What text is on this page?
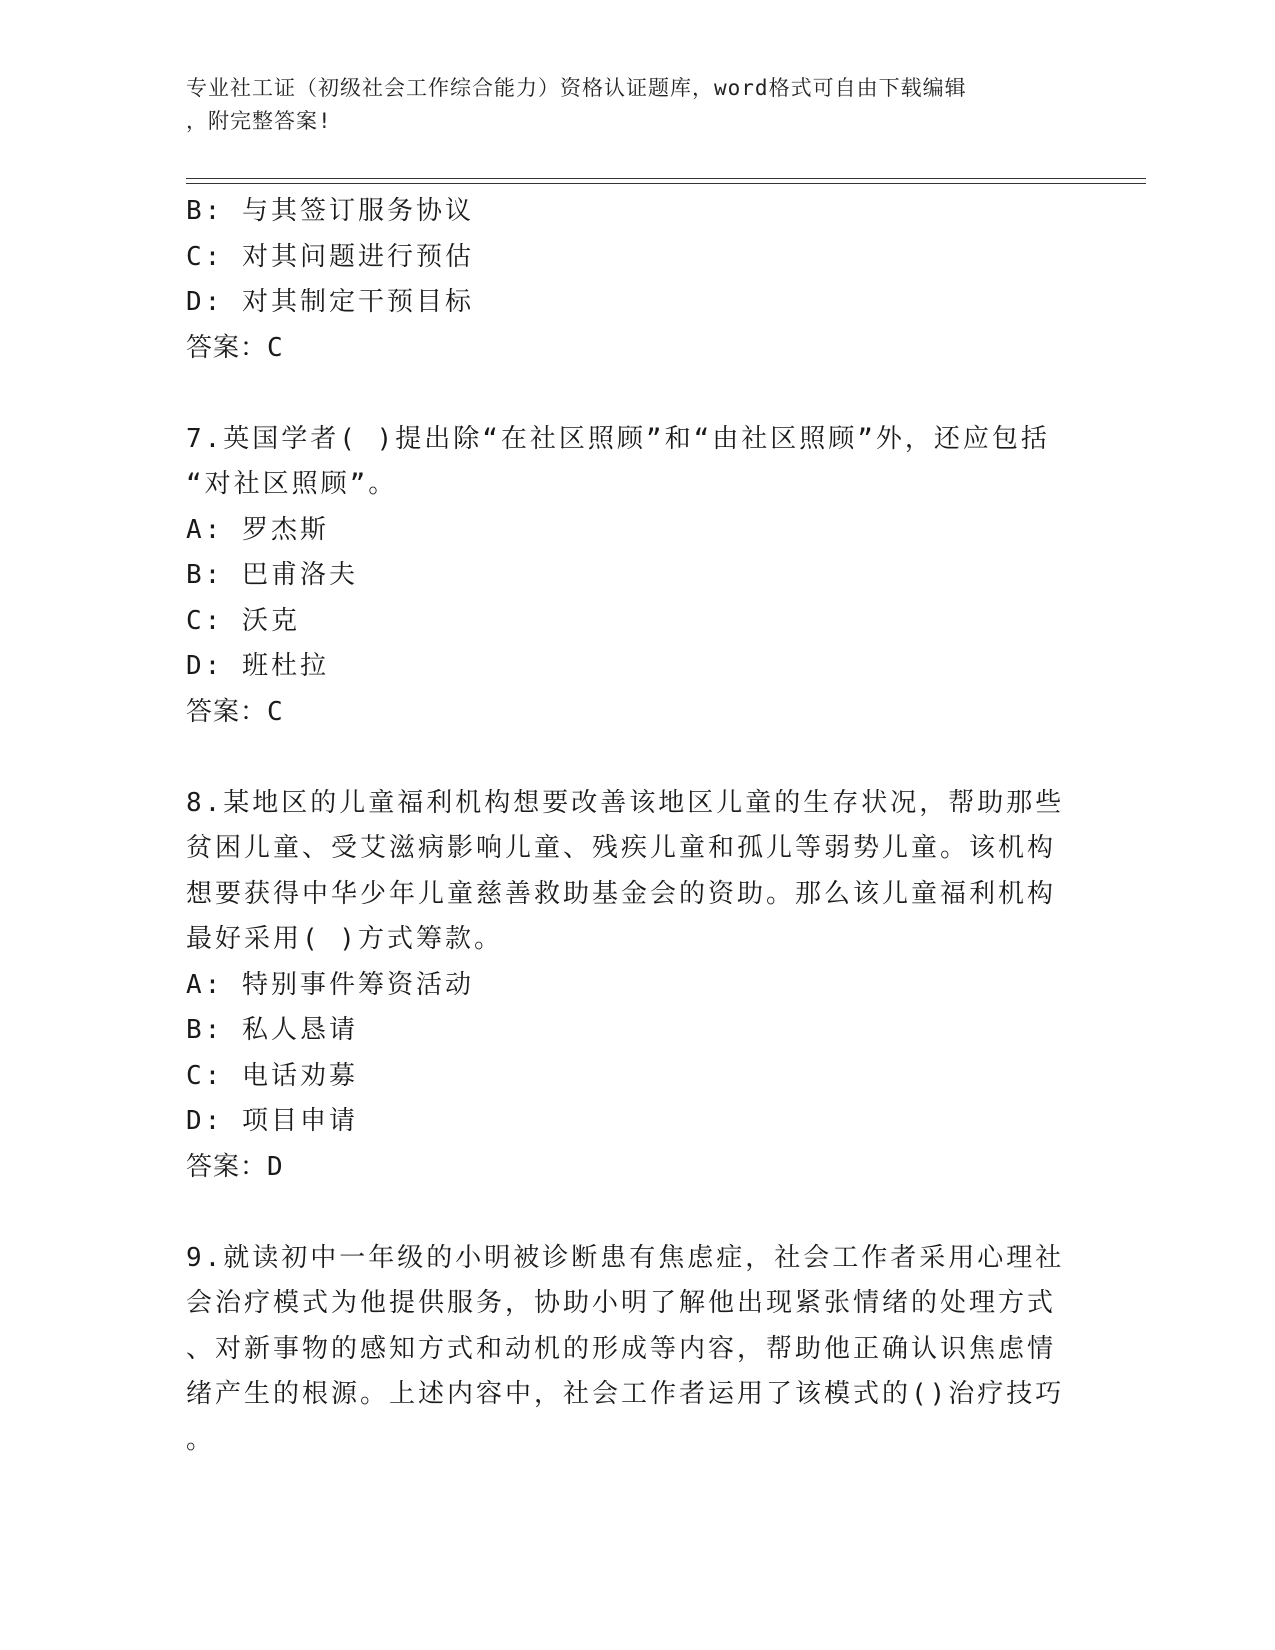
专业社工证（初级社会工作综合能力）资格认证题库，word格式可自由下载编辑
，附完整答案!
B: 与其签订服务协议
C: 对其问题进行预估
D: 对其制定干预目标
答案：C
7.英国学者( )提出除“在社区照顾”和“由社区照顾”外，还应包括
“对社区照顾”。
A: 罗杰斯
B: 巴甫洛夫
C: 沃克
D: 班杜拉
答案：C
8.某地区的儿童福利机构想要改善该地区儿童的生存状况，帮助那些
贫困儿童、受艾滋病影响儿童、残疾儿童和孤儿等弱势儿童。该机构
想要获得中华少年儿童慈善救助基金会的资助。那么该儿童福利机构
最好采用( )方式筹款。
A: 特别事件筹资活动
B: 私人恳请
C: 电话劝募
D: 项目申请
答案：D
9.就读初中一年级的小明被诊断患有焦虑症，社会工作者采用心理社
会治疗模式为他提供服务，协助小明了解他出现紧张情绪的处理方式
、对新事物的感知方式和动机的形成等内容，帮助他正确认识焦虑情
绪产生的根源。上述内容中，社会工作者运用了该模式的()治疗技巧
。
